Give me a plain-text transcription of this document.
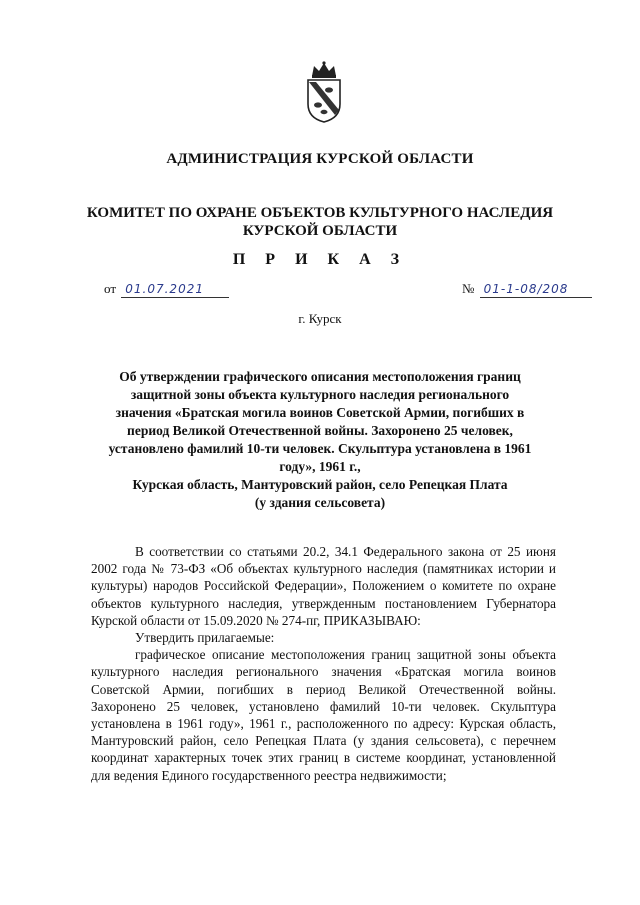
АДМИНИСТРАЦИЯ КУРСКОЙ ОБЛАСТИ
КОМИТЕТ ПО ОХРАНЕ ОБЪЕКТОВ КУЛЬТУРНОГО НАСЛЕДИЯ
КУРСКОЙ ОБЛАСТИ
П Р И К А З
от 01.07.2021	№ 01-1-08/208
г. Курск
Об утверждении графического описания местоположения границ
защитной зоны объекта культурного наследия регионального
значения «Братская могила воинов Советской Армии, погибших в
период Великой Отечественной войны. Захоронено 25 человек,
установлено фамилий 10-ти человек. Скульптура установлена в 1961
году», 1961 г.,
Курская область, Мантуровский район, село Репецкая Плата
(у здания сельсовета)

В соответствии со статьями 20.2, 34.1 Федерального закона от 25 июня 2002 года № 73-ФЗ «Об объектах культурного наследия (памятниках истории и культуры) народов Российской Федерации», Положением о комитете по охране объектов культурного наследия, утвержденным постановлением Губернатора Курской области от 15.09.2020 № 274-пг, ПРИКАЗЫВАЮ:

Утвердить прилагаемые:

графическое описание местоположения границ защитной зоны объекта культурного наследия регионального значения «Братская могила воинов Советской Армии, погибших в период Великой Отечественной войны. Захоронено 25 человек, установлено фамилий 10-ти человек. Скульптура установлена в 1961 году», 1961 г., расположенного по адресу: Курская область, Мантуровский район, село Репецкая Плата (у здания сельсовета), с перечнем координат характерных точек этих границ в системе координат, установленной для ведения Единого государственного реестра недвижимости;
